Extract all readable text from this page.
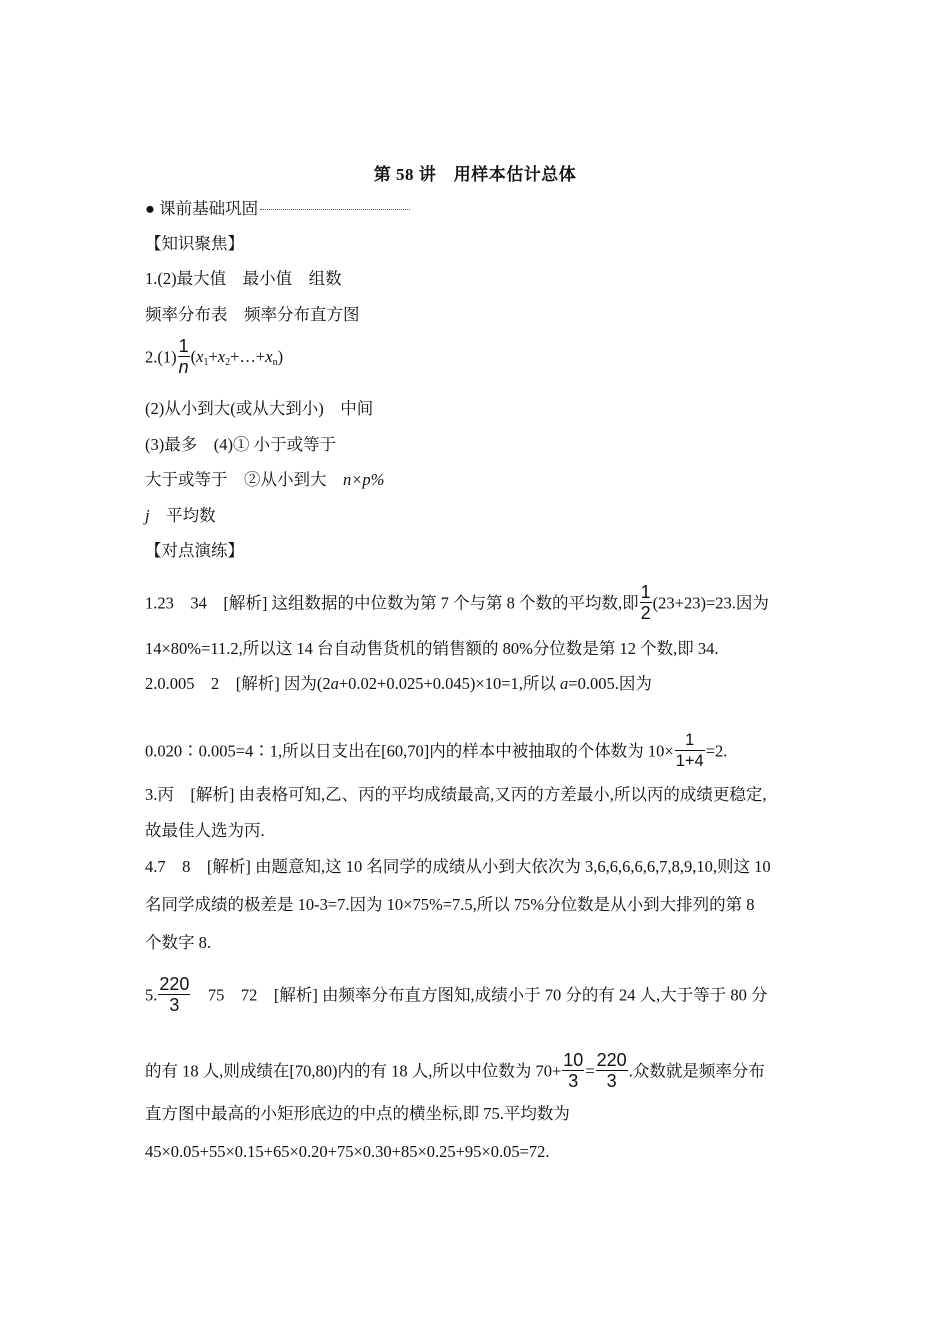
第 58 讲　用样本估计总体
● 课前基础巩固
【知识聚焦】
1.(2)最大值　最小值　组数
频率分布表　频率分布直方图
$2.(1) \frac{1}{n}$ $(x_1+x_2+\dots+x_n)$
(2)从小到大(或从大到小)　中间
(3)最多　(4)① 小于或等于
大于或等于　②从小到大　n×p%
j　平均数
【对点演练】
1.23　34　[解析] 这组数据的中位数为第 7 个与第 8 个数的平均数,即 $\frac{1}{2} (23+23)=23$.因为
14×80%=11.2,所以这 14 台自动售货机的销售额的 80%分位数是第 12 个数,即 34.
2.0.005　2　[解析] 因为(2a+0.02+0.025+0.045)×10=1,所以 a=0.005.因为
0.020∶0.005=4∶1,所以日支出在[60,70]内的样本中被抽取的个体数为 $10\times \frac{1}{1+4} =2$.
3.丙　[解析] 由表格可知,乙、丙的平均成绩最高,又丙的方差最小,所以丙的成绩更稳定,
故最佳人选为丙.
4.7　8　[解析] 由题意知,这 10 名同学的成绩从小到大依次为 3,6,6,6,6,6,7,8,9,10,则这 10
名同学成绩的极差是 10-3=7.因为 10×75%=7.5,所以 75%分位数是从小到大排列的第 8
个数字 8.
5. $\frac{220}{3}$ 　75　72　[解析] 由频率分布直方图知,成绩小于 70 分的有 24 人,大于等于 80 分
的有 18 人,则成绩在[70,80)内的有 18 人,所以中位数为 $70+ \frac{10}{3} = \frac{220}{3}$ .众数就是频率分布
直方图中最高的小矩形底边的中点的横坐标,即 75.平均数为
45×0.05+55×0.15+65×0.20+75×0.30+85×0.25+95×0.05=72.
